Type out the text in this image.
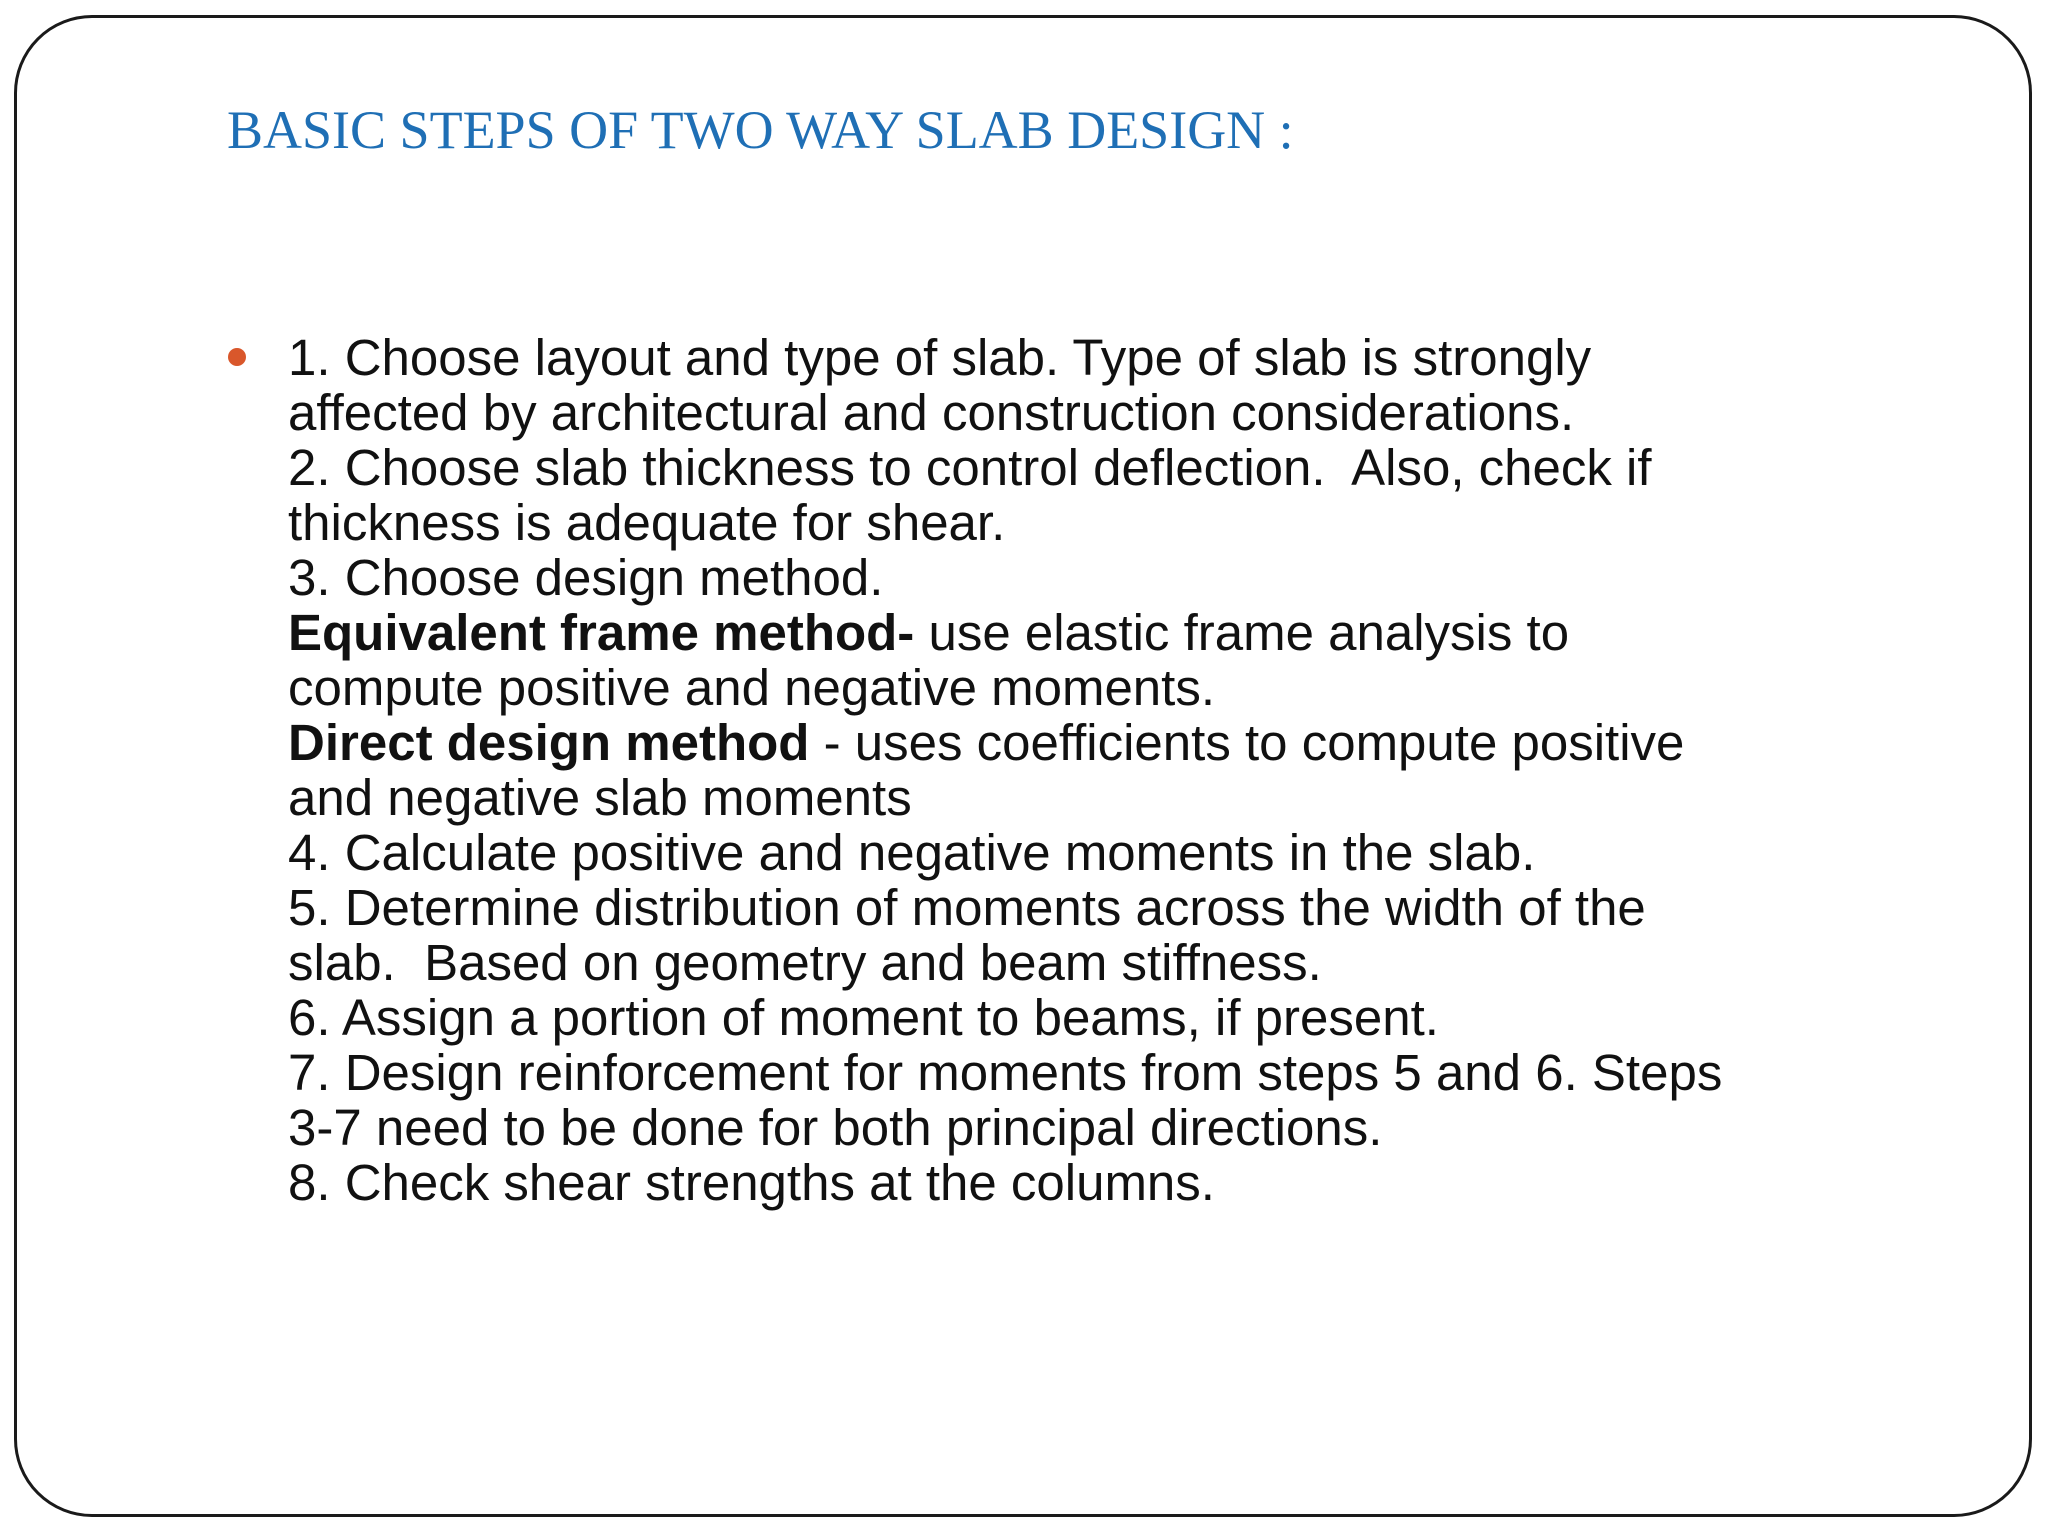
BASIC STEPS OF TWO WAY SLAB DESIGN :
1. Choose layout and type of slab. Type of slab is strongly
affected by architectural and construction considerations.
2. Choose slab thickness to control deflection.  Also, check if
thickness is adequate for shear.
3. Choose design method.
Equivalent frame method- use elastic frame analysis to
compute positive and negative moments.
Direct design method - uses coefficients to compute positive
and negative slab moments
4. Calculate positive and negative moments in the slab.
5. Determine distribution of moments across the width of the
slab.  Based on geometry and beam stiffness.
6. Assign a portion of moment to beams, if present.
7. Design reinforcement for moments from steps 5 and 6. Steps
3-7 need to be done for both principal directions.
8. Check shear strengths at the columns.
